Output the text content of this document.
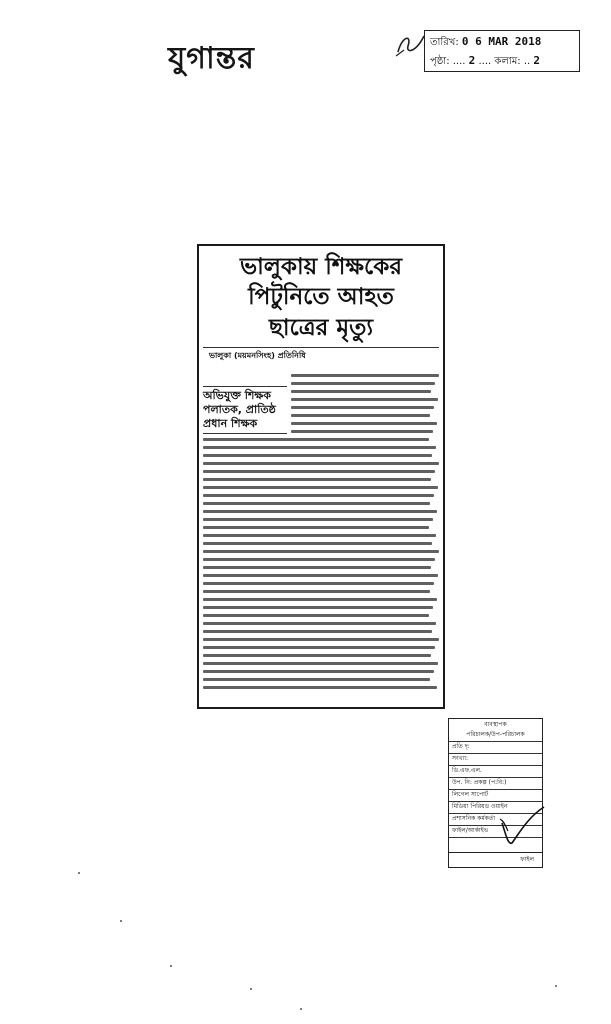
যুগান্তর	তারিখ: 0 6 MAR 2018
পৃষ্ঠা: .... 2 .... কলাম: .. 2
ভালুকায় শিক্ষকের
পিটুনিতে আহত
ছাত্রের মৃত্যু
ভালুকা (ময়মনসিংহ) প্রতিনিধি
অভিযুক্ত শিক্ষক
পলাতক, প্রাতিষ্ঠ
প্রধান শিক্ষক
ব্যবস্থাপক
পরিচালক/উপ-পরিচালক
প্রতি দৃ:
সংখ্যা:
ডি.এফ.এল.
উপ. নি: প্রকল্প (প:বি:)
লিগেল সাপোর্ট
মিডিয়া পিরিয়ড ওয়াইন
প্রশাসনিক কর্মকর্তা
ফাইল/আর্কাইভ
ফাইল
